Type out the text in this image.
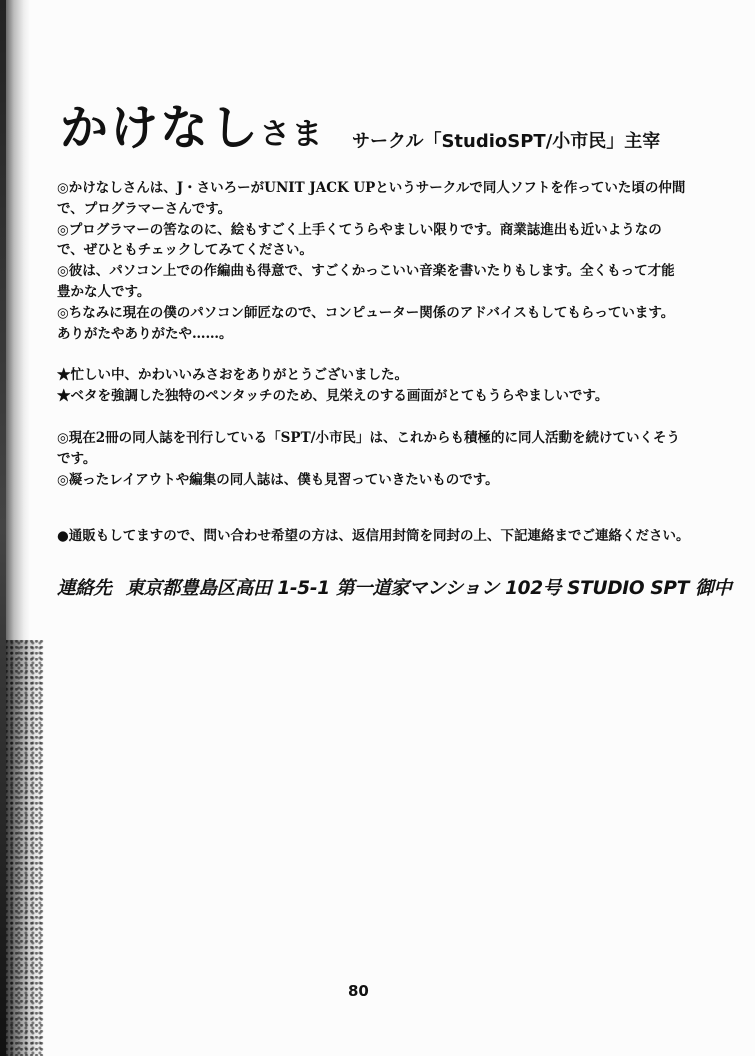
かけなしさま サークル「StudioSPT/小市民」主宰

◎かけなしさんは、J・さいろーがUNIT JACK UPというサークルで同人ソフトを作っていた頃の仲間で、プログラマーさんです。

◎プログラマーの筈なのに、絵もすごく上手くてうらやましい限りです。商業誌進出も近いようなので、ぜひともチェックしてみてください。

◎彼は、パソコン上での作編曲も得意で、すごくかっこいい音楽を書いたりもします。全くもって才能豊かな人です。

◎ちなみに現在の僕のパソコン師匠なので、コンピューター関係のアドバイスもしてもらっています。ありがたやありがたや……。

★忙しい中、かわいいみさおをありがとうございました。

★ベタを強調した独特のペンタッチのため、見栄えのする画面がとてもうらやましいです。

◎現在2冊の同人誌を刊行している「SPT/小市民」は、これからも積極的に同人活動を続けていくそうです。

◎凝ったレイアウトや編集の同人誌は、僕も見習っていきたいものです。

●通販もしてますので、問い合わせ希望の方は、返信用封筒を同封の上、下記連絡までご連絡ください。
連絡先 東京都豊島区高田 1-5-1 第一道家マンション 102号 STUDIO SPT 御中
80
